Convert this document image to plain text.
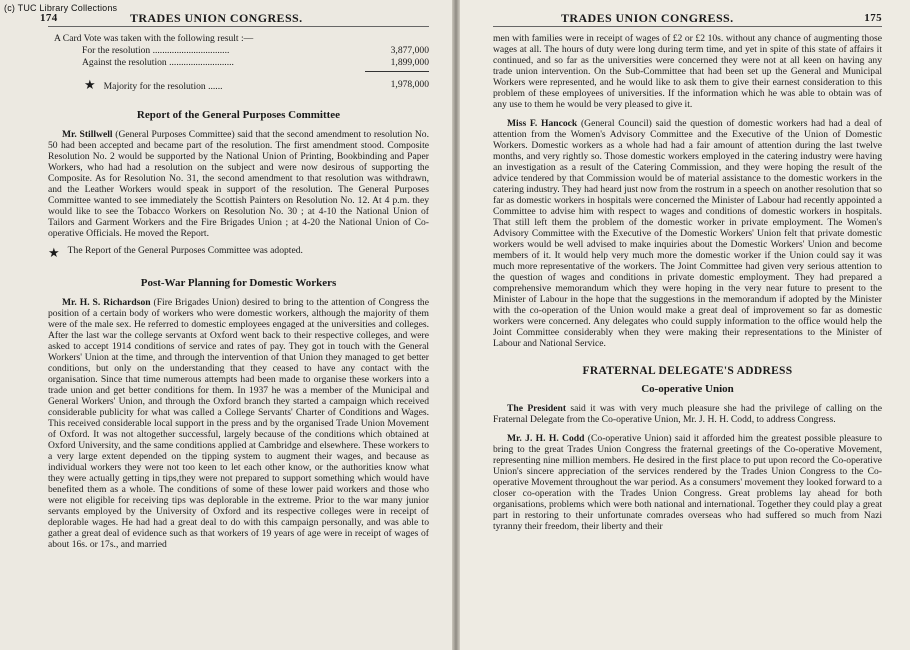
174	TRADES UNION CONGRESS.
A Card Vote was taken with the following result :—
For the resolution ................................	3,877,000
Against the resolution ...........................	1,899,000
★ Majority for the resolution ......	1,978,000
Report of the General Purposes Committee

Mr. Stillwell (General Purposes Committee) said that the second amendment to resolution No. 50 had been accepted and became part of the resolution. The first amendment stood. Composite Resolution No. 2 would be supported by the National Union of Printing, Bookbinding and Paper Workers, who had had a resolution on the subject and were now desirous of supporting the Composite. As for Resolution No. 31, the second amendment to that resolution was withdrawn, and the Leather Workers would speak in support of the resolution. The General Purposes Committee wanted to see immediately the Scottish Painters on Resolution No. 12. At 4 p.m. they would like to see the Tobacco Workers on Resolution No. 30 ; at 4-10 the National Union of Tailors and Garment Workers and the Fire Brigades Union ; at 4-20 the National Union of Co-operative Officials. He moved the Report.

★ The Report of the General Purposes Committee was adopted.
Post-War Planning for Domestic Workers

Mr. H. S. Richardson (Fire Brigades Union) desired to bring to the attention of Congress the position of a certain body of workers who were domestic workers, although the majority of them were of the male sex. He referred to domestic employees engaged at the universities and colleges. After the last war the college servants at Oxford went back to their respective colleges, and were asked to accept 1914 conditions of service and rates of pay. They got in touch with the General Workers' Union at the time, and through the intervention of that Union they managed to get better conditions, but only on the understanding that they ceased to have any contact with the organisation. Since that time numerous attempts had been made to organise these workers into a trade union and get better conditions for them. In 1937 he was a member of the Municipal and General Workers' Union, and through the Oxford branch they started a campaign which received considerable publicity for what was called a College Servants' Charter of Conditions and Wages. This received considerable local support in the press and by the organised Trade Union Movement of Oxford. It was not altogether successful, largely because of the conditions which obtained at Oxford University, and the same conditions applied at Cambridge and elsewhere. These workers to a very large extent depended on the tipping system to augment their wages, and because as individual workers they were not too keen to let each other know, or the authorities know what they were actually getting in tips,they were not prepared to support something which would have benefited them as a whole. The conditions of some of these lower paid workers and those who were not eligible for receiving tips was deplorable in the extreme. Prior to the war many junior servants employed by the University of Oxford and its respective colleges were in receipt of deplorable wages. He had had a great deal to do with this campaign personally, and was able to gather a great deal of evidence such as that workers of 19 years of age were in receipt of wages of about 16s. or 17s., and married

TRADES UNION CONGRESS.	175

men with families were in receipt of wages of £2 or £2 10s. without any chance of augmenting those wages at all. The hours of duty were long during term time, and yet in spite of this state of affairs it continued, and so far as the universities were concerned they were not at all keen on having any trade union intervention. On the Sub-Committee that had been set up the General and Municipal Workers were represented, and he would like to ask them to give their earnest consideration to this problem of these employees of universities. If the information which he was able to obtain was of any use to them he would be very pleased to give it.

Miss F. Hancock (General Council) said the question of domestic workers had had a deal of attention from the Women's Advisory Committee and the Executive of the Union of Domestic Workers. Domestic workers as a whole had had a fair amount of attention during the last twelve months, and very rightly so. Those domestic workers employed in the catering industry were having an investigation as a result of the Catering Commission, and they were hoping the result of the advice tendered by that Commission would be of material assistance to the domestic workers in the catering industry. They had heard just now from the rostrum in a speech on another resolution that so far as domestic workers in hospitals were concerned the Minister of Labour had recently appointed a Committee to advise him with respect to wages and conditions of domestic workers in hospitals. That still left them the problem of the domestic worker in private employment. The Women's Advisory Committee with the Executive of the Domestic Workers' Union felt that private domestic workers would be well advised to make inquiries about the Domestic Workers' Union and become members of it. It would help very much more the domestic worker if the Union could say it was much more representative of the workers. The Joint Committee had given very serious attention to the question of wages and conditions in private domestic employment. They had prepared a comprehensive memorandum which they were hoping in the very near future to present to the Minister of Labour in the hope that the suggestions in the memorandum if adopted by the Minister with the co-operation of the Union would make a great deal of improvement so far as domestic workers were concerned. Any delegates who could supply information to the office would help the Joint Committee considerably when they were making their representations to the Minister of Labour and National Service.

FRATERNAL DELEGATE'S ADDRESS
Co-operative Union

The President said it was with very much pleasure she had the privilege of calling on the Fraternal Delegate from the Co-operative Union, Mr. J. H. H. Codd, to address Congress.

Mr. J. H. H. Codd (Co-operative Union) said it afforded him the greatest possible pleasure to bring to the great Trades Union Congress the fraternal greetings of the Co-operative Movement, representing nine million members. He desired in the first place to put upon record the Co-operative Union's sincere appreciation of the services rendered by the Trades Union Congress to the Co-operative Movement throughout the war period. As a consumers' movement they looked forward to a closer co-operation with the Trades Union Congress. Great problems lay ahead for both organisations, problems which were both national and international. Together they could play a great part in restoring to their unfortunate comrades overseas who had suffered so much from Nazi tyranny their freedom, their liberty and their

(c) TUC Library Collections
